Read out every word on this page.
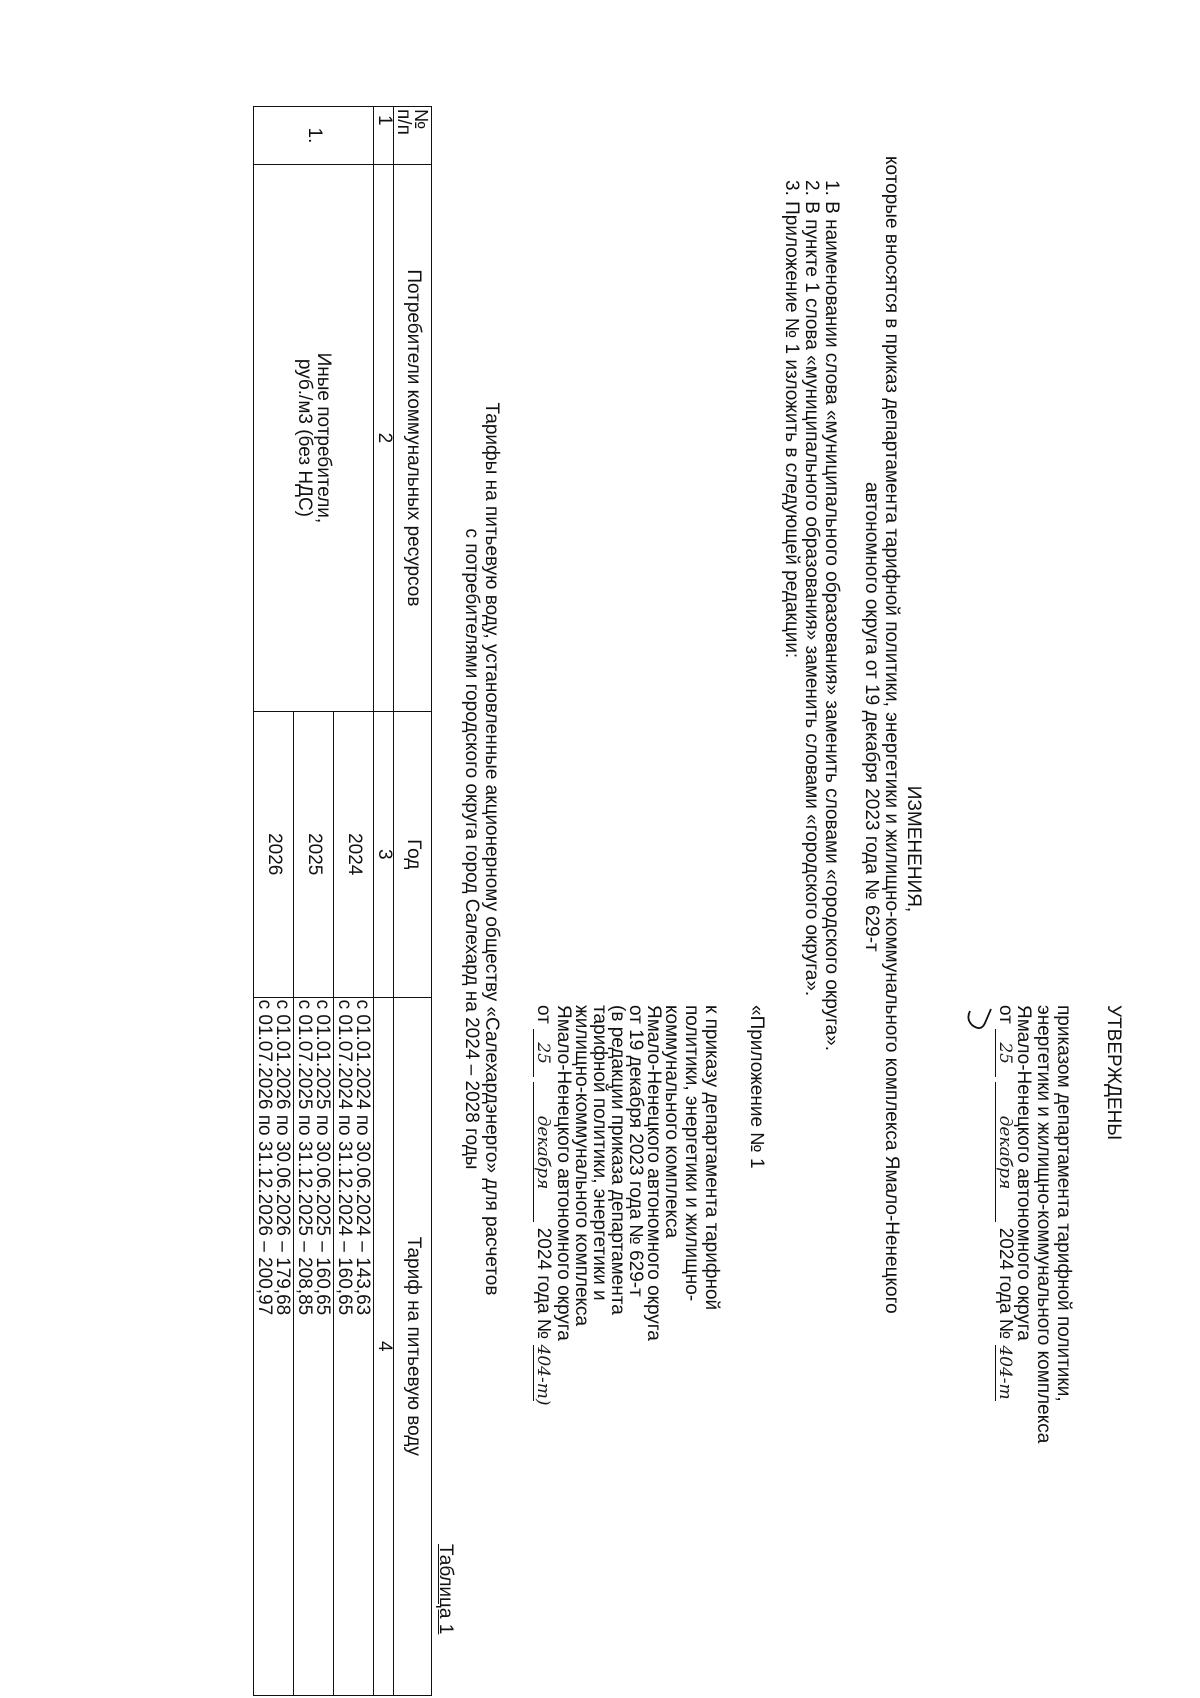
УТВЕРЖДЕНЫ
приказом департамента тарифной политики,
энергетики и жилищно-коммунального комплекса
Ямало-Ненецкого автономного округа
от 25 декабря 2024 года № 404-т
ИЗМЕНЕНИЯ,
которые вносятся в приказ департамента тарифной политики, энергетики и жилищно-коммунального комплекса Ямало-Ненецкого
автономного округа от 19 декабря 2023 года № 629-т
1. В наименовании слова «муниципального образования» заменить словами «городского округа».
2. В пункте 1 слова «муниципального образования» заменить словами «городского округа».
3. Приложение № 1 изложить в следующей редакции:
«Приложение № 1
к приказу департамента тарифной
политики, энергетики и жилищно-
коммунального комплекса
Ямало-Ненецкого автономного округа
от 19 декабря 2023 года № 629-т
(в редакции приказа департамента
тарифной политики, энергетики и
жилищно-коммунального комплекса
Ямало-Ненецкого автономного округа
от 25 декабря 2024 года № 404-т)
Тарифы на питьевую воду, установленные акционерному обществу «Салехардэнерго» для расчетов
с потребителями городского округа город Салехард на 2024 – 2028 годы
Таблица 1
№
п/п	Потребители коммунальных ресурсов	Год	Тариф на питьевую воду
1	2	3	4
1.	Иные потребители, руб./м3 (без НДС)	2024	с 01.01.2024 по 30.06.2024 – 143,63
с 01.07.2024 по 31.12.2024 – 160,65

		2025	с 01.01.2025 по 30.06.2025 – 160,65
с 01.07.2025 по 31.12.2025 – 208,85

		2026	с 01.01.2026 по 30.06.2026 – 179,68
с 01.07.2026 по 31.12.2026 – 200,97
